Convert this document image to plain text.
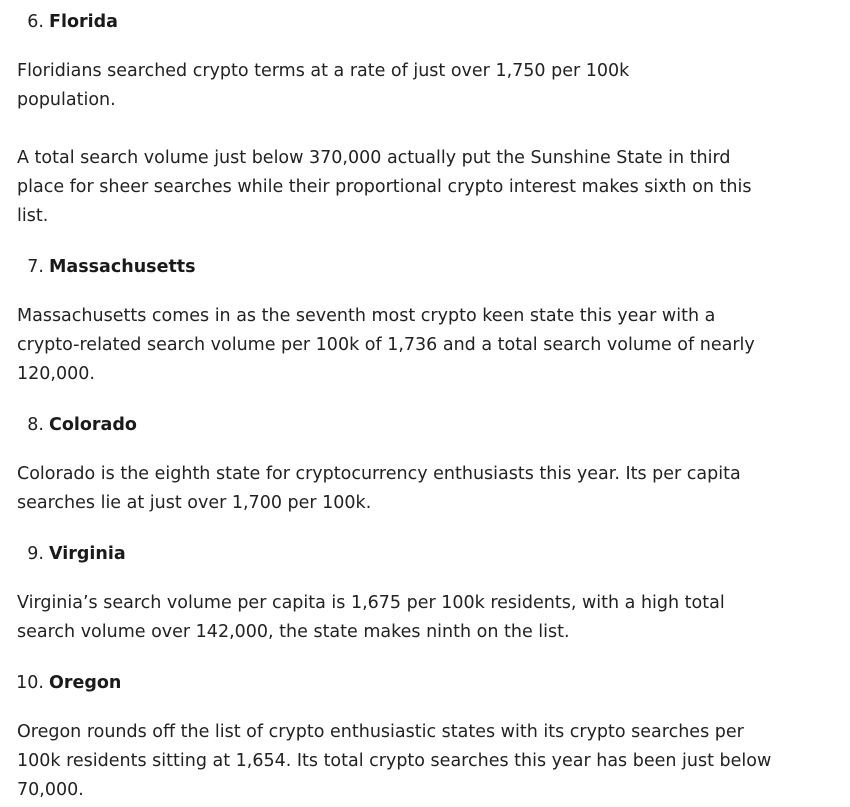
6. Florida

Floridians searched crypto terms at a rate of just over 1,750 per 100k population.

A total search volume just below 370,000 actually put the Sunshine State in third place for sheer searches while their proportional crypto interest makes sixth on this list.

7. Massachusetts

Massachusetts comes in as the seventh most crypto keen state this year with a crypto-related search volume per 100k of 1,736 and a total search volume of nearly 120,000.

8. Colorado

Colorado is the eighth state for cryptocurrency enthusiasts this year. Its per capita searches lie at just over 1,700 per 100k.

9. Virginia

Virginia’s search volume per capita is 1,675 per 100k residents, with a high total search volume over 142,000, the state makes ninth on the list.

10. Oregon

Oregon rounds off the list of crypto enthusiastic states with its crypto searches per 100k residents sitting at 1,654. Its total crypto searches this year has been just below 70,000.
